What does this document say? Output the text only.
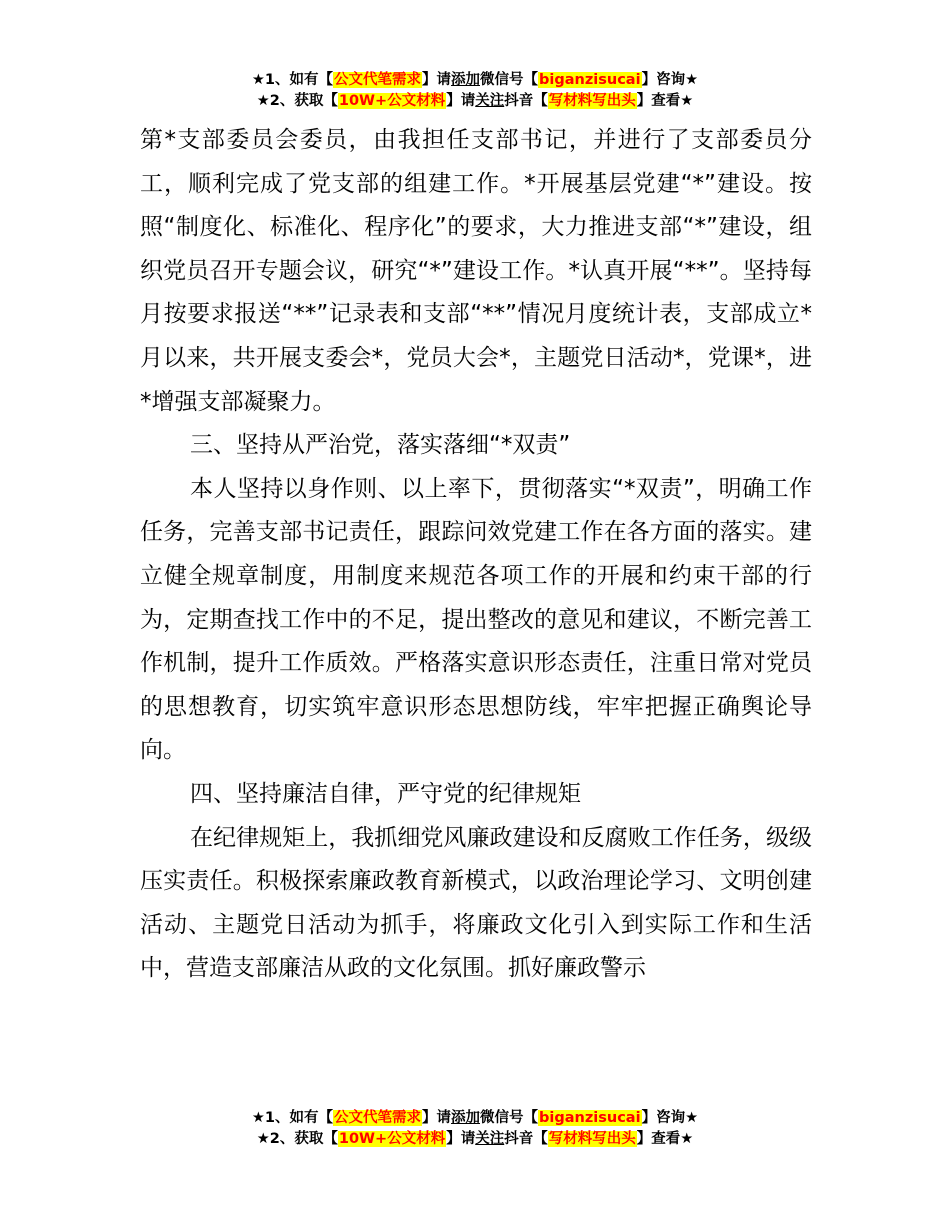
★1、如有【公文代笔需求】请添加微信号【biganzisucai】咨询★
★2、获取【10W+公文材料】请关注抖音【写材料写出头】查看★

第*支部委员会委员，由我担任支部书记，并进行了支部委员分工，顺利完成了党支部的组建工作。*开展基层党建“*”建设。按照“制度化、标准化、程序化”的要求，大力推进支部“*”建设，组织党员召开专题会议，研究“*”建设工作。*认真开展“**”。坚持每月按要求报送“**”记录表和支部“**”情况月度统计表，支部成立*月以来，共开展支委会*，党员大会*，主题党日活动*，党课*，进*增强支部凝聚力。

三、坚持从严治党，落实落细“*双责”

本人坚持以身作则、以上率下，贯彻落实“*双责”，明确工作任务，完善支部书记责任，跟踪问效党建工作在各方面的落实。建立健全规章制度，用制度来规范各项工作的开展和约束干部的行为，定期查找工作中的不足，提出整改的意见和建议，不断完善工作机制，提升工作质效。严格落实意识形态责任，注重日常对党员的思想教育，切实筑牢意识形态思想防线，牢牢把握正确舆论导向。

四、坚持廉洁自律，严守党的纪律规矩

在纪律规矩上，我抓细党风廉政建设和反腐败工作任务，级级压实责任。积极探索廉政教育新模式，以政治理论学习、文明创建活动、主题党日活动为抓手，将廉政文化引入到实际工作和生活中，营造支部廉洁从政的文化氛围。抓好廉政警示

★1、如有【公文代笔需求】请添加微信号【biganzisucai】咨询★
★2、获取【10W+公文材料】请关注抖音【写材料写出头】查看★
